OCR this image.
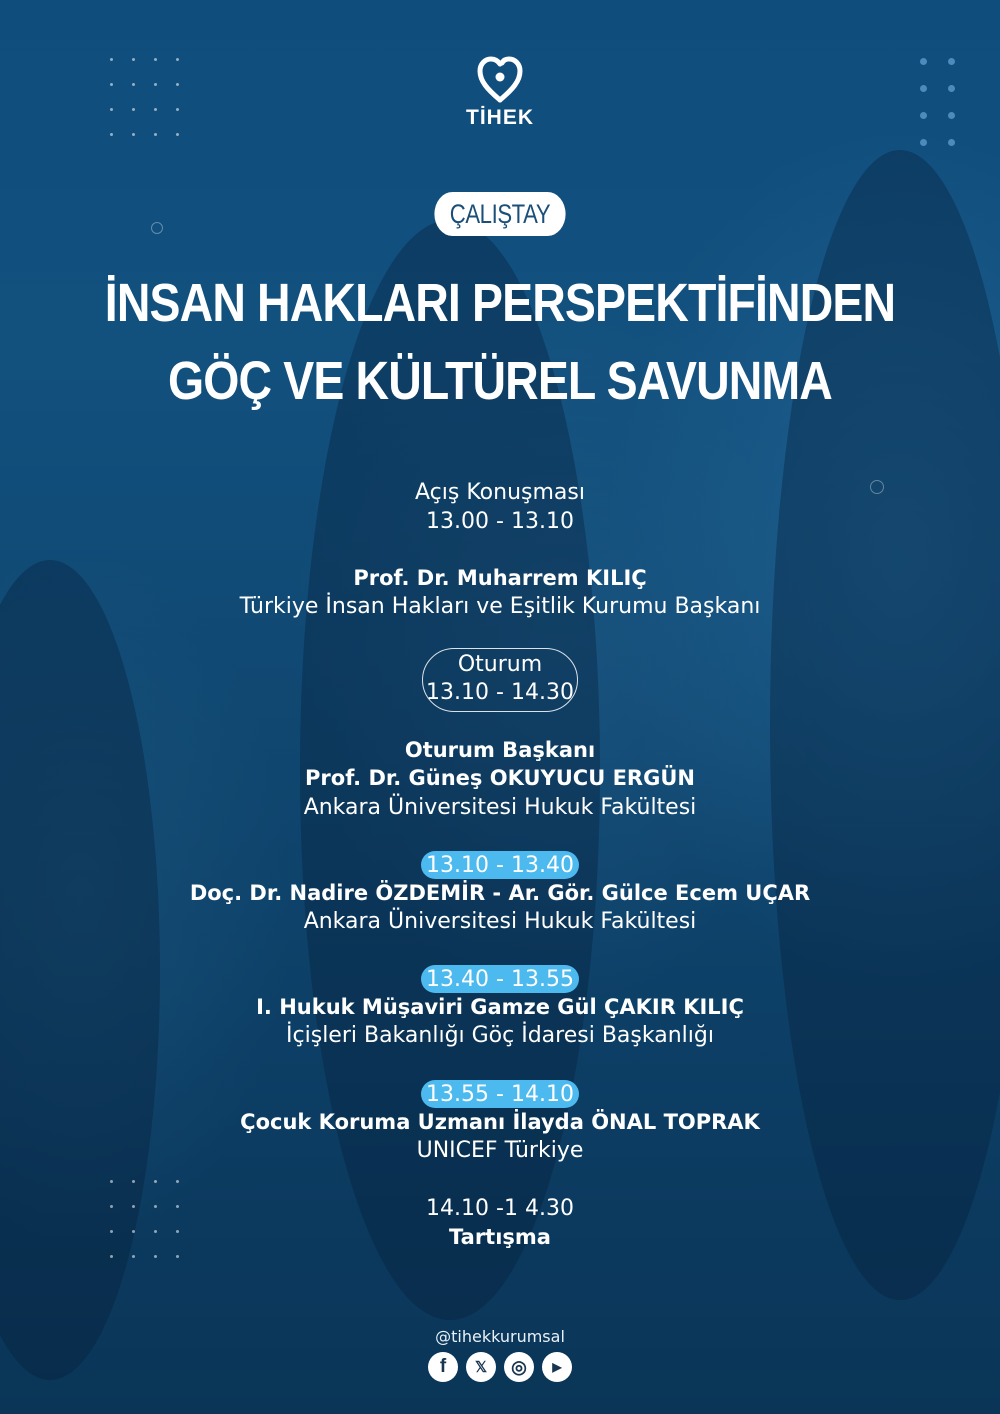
TİHEK
ÇALIŞTAY
İNSAN HAKLARI PERSPEKTİFİNDEN
GÖÇ VE KÜLTÜREL SAVUNMA
Açış Konuşması
13.00 - 13.10
Prof. Dr. Muharrem KILIÇ
Türkiye İnsan Hakları ve Eşitlik Kurumu Başkanı
Oturum
13.10 - 14.30
Oturum Başkanı
Prof. Dr. Güneş OKUYUCU ERGÜN
Ankara Üniversitesi Hukuk Fakültesi
13.10 - 13.40
Doç. Dr. Nadire ÖZDEMİR - Ar. Gör. Gülce Ecem UÇAR
Ankara Üniversitesi Hukuk Fakültesi
13.40 - 13.55
I. Hukuk Müşaviri Gamze Gül ÇAKIR KILIÇ
İçişleri Bakanlığı Göç İdaresi Başkanlığı
13.55 - 14.10
Çocuk Koruma Uzmanı İlayda ÖNAL TOPRAK
UNICEF Türkiye
14.10 -1 4.30
Tartışma
@tihekkurumsal
f	𝕏	◎	▶
